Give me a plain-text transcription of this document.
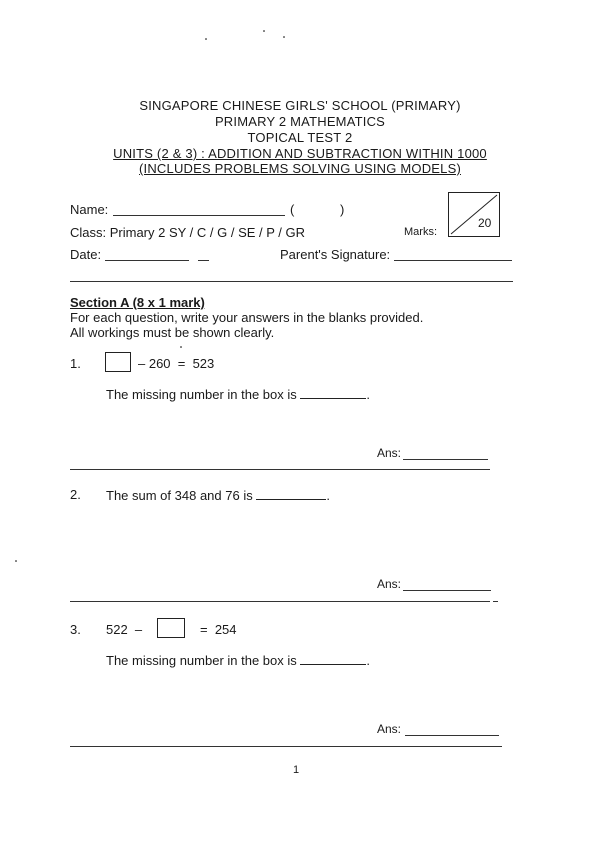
SINGAPORE CHINESE GIRLS' SCHOOL (PRIMARY)
PRIMARY 2 MATHEMATICS
TOPICAL TEST 2
UNITS (2 & 3) : ADDITION AND SUBTRACTION WITHIN 1000
(INCLUDES PROBLEMS SOLVING USING MODELS)
Name:	(	)
Class: Primary 2 SY / C / G / SE / P / GR	Marks:
20
Date:	Parent's Signature:
Section A (8 x 1 mark)
For each question, write your answers in the blanks provided.
All workings must be shown clearly.
1.	– 260  =  523
The missing number in the box is	.
Ans:
2. The sum of 348 and 76 is	.
Ans:
3. 522  –	=  254
The missing number in the box is	.
Ans:
1
